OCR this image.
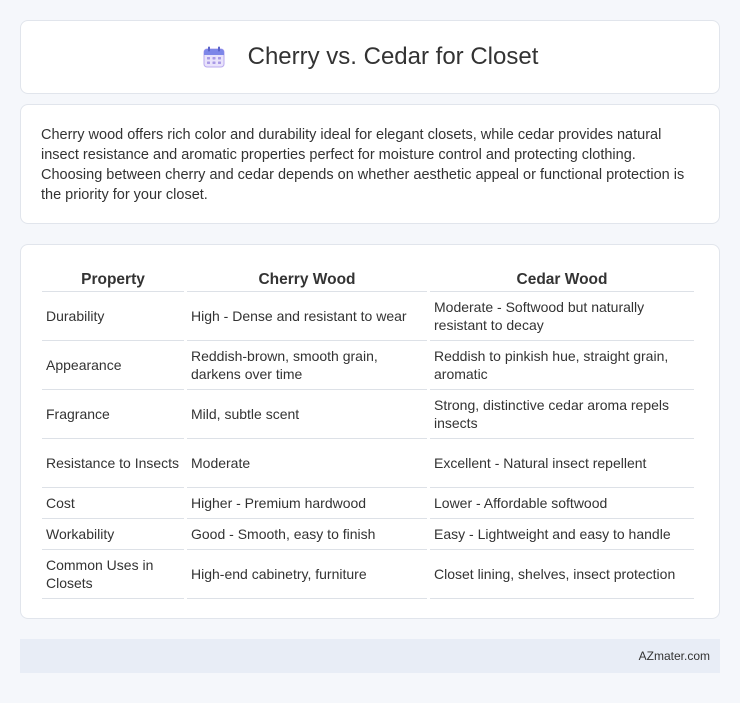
Cherry vs. Cedar for Closet

Cherry wood offers rich color and durability ideal for elegant closets, while cedar provides natural insect resistance and aromatic properties perfect for moisture control and protecting clothing. Choosing between cherry and cedar depends on whether aesthetic appeal or functional protection is the priority for your closet.

Property	Cherry Wood	Cedar Wood
Durability	High - Dense and resistant to wear	Moderate - Softwood but naturally resistant to decay
Appearance	Reddish-brown, smooth grain, darkens over time	Reddish to pinkish hue, straight grain, aromatic
Fragrance	Mild, subtle scent	Strong, distinctive cedar aroma repels insects
Resistance to Insects	Moderate	Excellent - Natural insect repellent
Cost	Higher - Premium hardwood	Lower - Affordable softwood
Workability	Good - Smooth, easy to finish	Easy - Lightweight and easy to handle
Common Uses in Closets	High-end cabinetry, furniture	Closet lining, shelves, insect protection
AZmater.com
